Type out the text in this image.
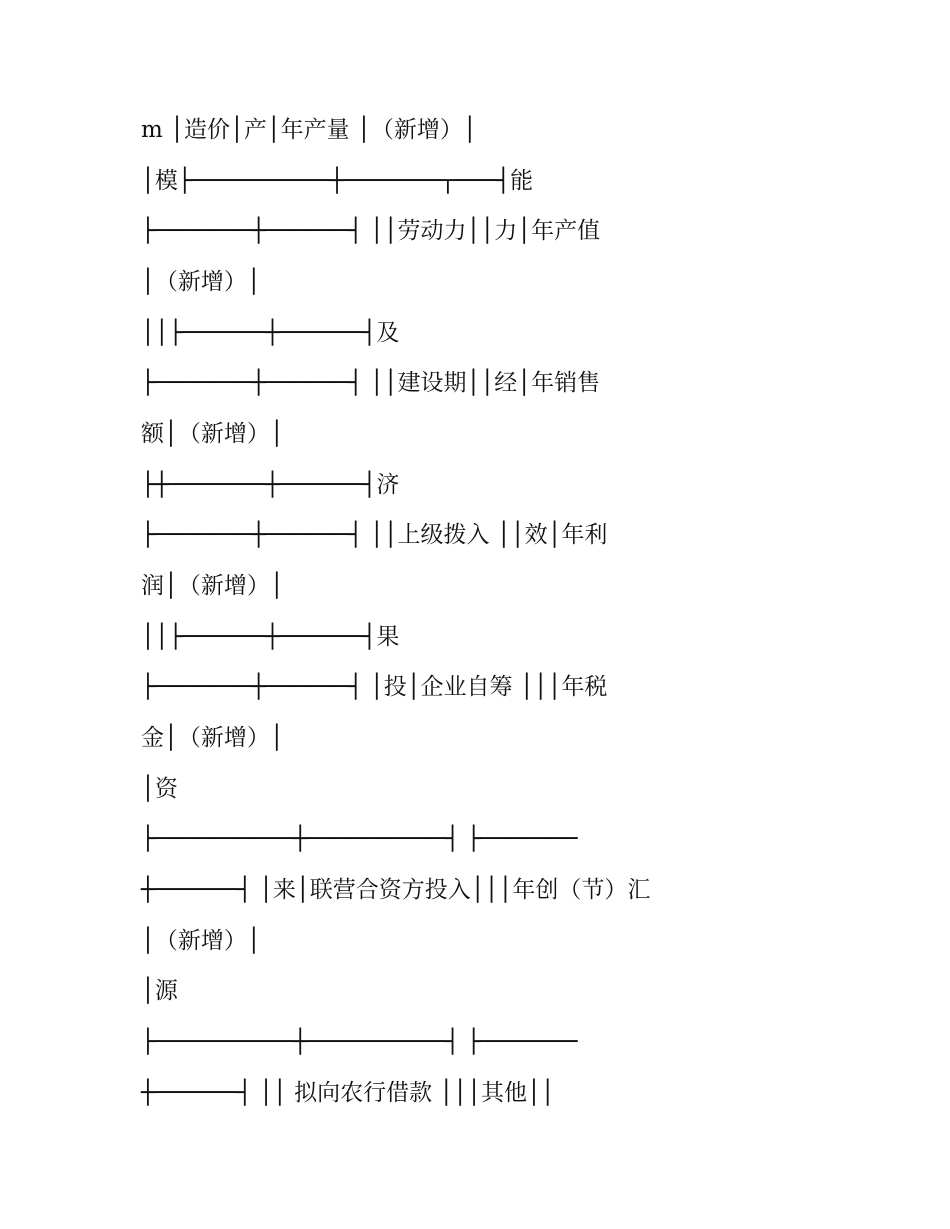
m │造价│产│年产量 │（新增）│
│模├──────────┼───────┬───┤能
├───────┼──────┤ ││劳动力││力│年产值
│（新增）│
││├──────┼──────┤及
├───────┼──────┤ ││建设期││经│年销售
额│（新增）│
├┼───────┼──────┤济
├───────┼──────┤ ││上级拨入 ││效│年利
润│（新增）│
││├──────┼──────┤果
├───────┼──────┤ │投│企业自筹 │││年税
金│（新增）│
│资
├──────────┼──────────┤ ├───────
┼──────┤ │来│联营合资方投入│││年创（节）汇
│（新增）│
│源
├──────────┼──────────┤ ├───────
┼──────┤ ││ 拟向农行借款 │││其他││
